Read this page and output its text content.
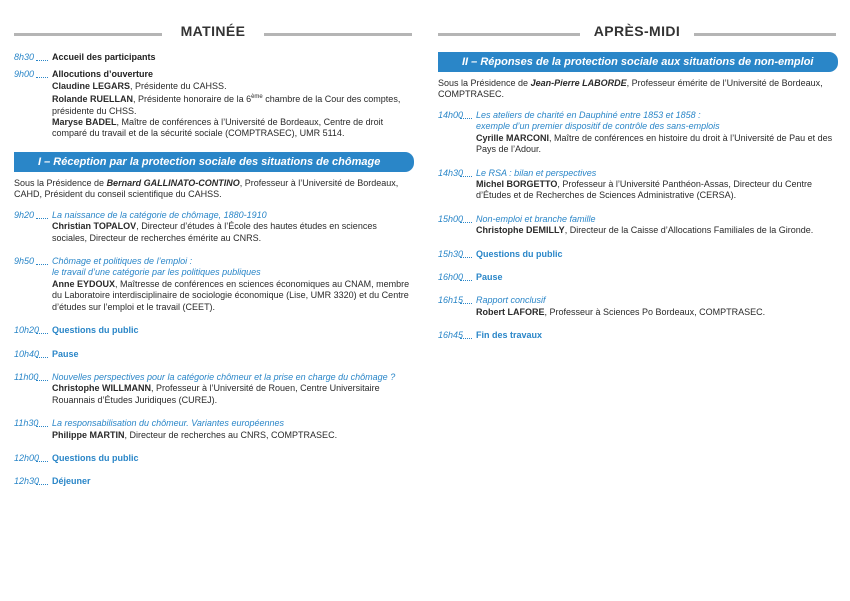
MATINÉE
8h30	Accueil des participants
9h00	Allocutions d’ouverture
Claudine LEGARS, Présidente du CAHSS.
Rolande RUELLAN, Présidente honoraire de la 6ème chambre de la Cour des comptes, présidente du CHSS.
Maryse BADEL, Maître de conférences à l’Université de Bordeaux, Centre de droit comparé du travail et de la sécurité sociale (COMPTRASEC), UMR 5114.
I – Réception par la protection sociale des situations de chômage
Sous la Présidence de Bernard GALLINATO-CONTINO, Professeur à l’Université de Bordeaux, CAHD, Président du conseil scientifique du CAHSS.
9h20	La naissance de la catégorie de chômage, 1880-1910
Christian TOPALOV, Directeur d’études à l’École des hautes études en sciences sociales, Directeur de recherches émérite au CNRS.
9h50	Chômage et politiques de l’emploi :
le travail d’une catégorie par les politiques publiques
Anne EYDOUX, Maîtresse de conférences en sciences économiques au CNAM, membre du Laboratoire interdisciplinaire de sociologie économique (Lise, UMR 3320) et du Centre d’études sur l’emploi et le travail (CEET).
10h20	Questions du public
10h40	Pause
11h00	Nouvelles perspectives pour la catégorie chômeur et la prise en charge du chômage ?
Christophe WILLMANN, Professeur à l’Université de Rouen, Centre Universitaire Rouannais d’Études Juridiques (CUREJ).
11h30	La responsabilisation du chômeur. Variantes européennes
Philippe MARTIN, Directeur de recherches au CNRS, COMPTRASEC.
12h00	Questions du public
12h30	Déjeuner
APRÈS-MIDI
II – Réponses de la protection sociale aux situations de non-emploi
Sous la Présidence de Jean-Pierre LABORDE, Professeur émérite de l’Université de Bordeaux, COMPTRASEC.
14h00	Les ateliers de charité en Dauphiné entre 1853 et 1858 :
exemple d’un premier dispositif de contrôle des sans-emplois
Cyrille MARCONI, Maître de conférences en histoire du droit à l’Université de Pau et des Pays de l’Adour.
14h30	Le RSA : bilan et perspectives
Michel BORGETTO, Professeur à l’Université Panthéon-Assas, Directeur du Centre d’Études et de Recherches de Sciences Administrative (CERSA).
15h00	Non-emploi et branche famille
Christophe DEMILLY, Directeur de la Caisse d’Allocations Familiales de la Gironde.
15h30	Questions du public
16h00	Pause
16h15	Rapport conclusif
Robert LAFORE, Professeur à Sciences Po Bordeaux, COMPTRASEC.
16h45	Fin des travaux
